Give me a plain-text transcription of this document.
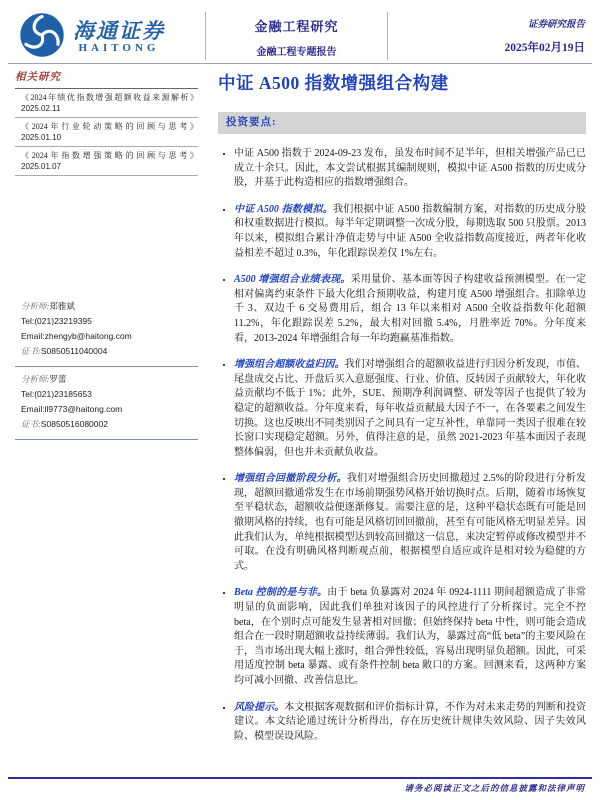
海通证券
HAITONG
金融工程研究
金融工程专题报告
证券研究报告
2025年02月19日
相关研究
《2024年绩优指数增强超额收益来源解析》 2025.02.11
《2024年行业轮动策略的回顾与思考》 2025.01.10
《2024年指数增强策略的回顾与思考》 2025.01.07
分析师:郑雅斌
Tel:(021)23219395
Email:zhengyb@haitong.com
证书:S0850511040004
分析师:罗蕾
Tel:(021)23185653
Email:ll9773@haitong.com
证书:S0850516080002
中证 A500 指数增强组合构建
投资要点:
• 中证 A500 指数于 2024-09-23 发布，虽发布时间不足半年，但相关增强产品已已成立十余只。因此，本文尝试根据其编制规则，模拟中证 A500 指数的历史成分股，并基于此构造相应的指数增强组合。
• 中证 A500 指数模拟。我们根据中证 A500 指数编制方案，对指数的历史成分股和权重数据进行模拟。每半年定期调整一次成分股，每期选取 500 只股票。2013 年以来，模拟组合累计净值走势与中证 A500 全收益指数高度接近，两者年化收益相差不超过 0.3%，年化跟踪误差仅 1%左右。
• A500 增强组合业绩表现。采用量价、基本面等因子构建收益预测模型。在一定相对偏离约束条件下最大化组合预期收益，构建月度 A500 增强组合。扣除单边千 3、双边千 6 交易费用后，组合 13 年以来相对 A500 全收益指数年化超额 11.2%，年化跟踪误差 5.2%，最大相对回撤 5.4%，月胜率近 70%。分年度来看，2013-2024 年增强组合每一年均跑赢基准指数。
• 增强组合超额收益归因。我们对增强组合的超额收益进行归因分析发现，市值、尾盘成交占比、开盘后买入意愿强度、行业、价值、反转因子贡献较大，年化收益贡献均不低于 1%；此外，SUE、预期净利润调整、研发等因子也提供了较为稳定的超额收益。分年度来看，每年收益贡献最大因子不一，在各要素之间发生切换。这也反映出不同类别因子之间具有一定互补性，单靠同一类因子很难在较长窗口实现稳定超额。另外，值得注意的是，虽然 2021-2023 年基本面因子表现整体偏弱，但也并未贡献负收益。
• 增强组合回撤阶段分析。我们对增强组合历史回撤超过 2.5%的阶段进行分析发现，超额回撤通常发生在市场前期强势风格开始切换时点。后期，随着市场恢复至平稳状态，超额收益便逐渐修复。需要注意的是，这种平稳状态既有可能是回撤期风格的持续，也有可能是风格切回回撤前，甚至有可能风格无明显差异。因此我们认为，单纯根据模型达到较高回撤这一信息，来决定暂停或修改模型并不可取。在没有明确风格判断观点前，根据模型自适应或许是相对较为稳健的方式。
• Beta 控制的是与非。由于 beta 负暴露对 2024 年 0924-1111 期间超额造成了非常明显的负面影响，因此我们单独对该因子的风控进行了分析探讨。完全不控 beta，在个别时点可能发生显著相对回撤；但始终保持 beta 中性，则可能会造成组合在一段时期超额收益持续薄弱。我们认为，暴露过高“低 beta”的主要风险在于，当市场出现大幅上涨时，组合弹性较低，容易出现明显负超额。因此，可采用适度控制 beta 暴露、或有条件控制 beta 敞口的方案。回测来看，这两种方案均可减小回撤、改善信息比。
• 风险提示。本文根据客观数据和评价指标计算，不作为对未来走势的判断和投资建议。本文结论通过统计分析得出，存在历史统计规律失效风险、因子失效风险、模型误设风险。
请务必阅读正文之后的信息披露和法律声明
